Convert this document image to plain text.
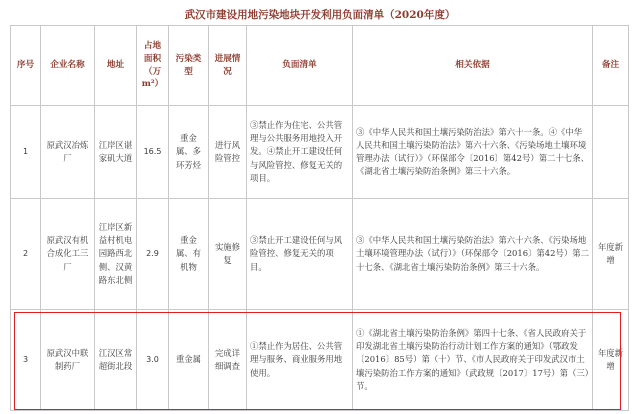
武汉市建设用地污染地块开发利用负面清单（2020年度）
序号	企业名称	地址	占地面积（万m²）	污染类型	进展情况	负面清单	相关依据	备注
1	原武汉冶炼厂	江岸区谌家矶大道	16.5	重金属、多环芳烃	进行风险管控	③禁止作为住宅、公共管理与公共服务用地投入开发。④禁止开工建设任何与风险管控、修复无关的项目。	③《中华人民共和国土壤污染防治法》第六十一条。④《中华人民共和国土壤污染防治法》第六十六条、《污染场地土壤环境管理办法（试行）》（环保部令〔2016〕第42号）第二十七条、《湖北省土壤污染防治条例》第三十六条。	
2	原武汉有机合成化工三厂	江岸区新益村机电园路西北侧、汉黄路东北侧	2.9	重金属、有机物	实施修复	③禁止开工建设任何与风险管控、修复无关的项目。	③《中华人民共和国土壤污染防治法》第六十六条、《污染场地土壤环境管理办法（试行）》（环保部令〔2016〕第42号）第二十七条、《湖北省土壤污染防治条例》第三十六条。	年度新增
3	原武汉中联制药厂	江汉区常超街北段	3.0	重金属	完成详细调查	①禁止作为居住、公共管理与服务、商业服务用地使用。	①《湖北省土壤污染防治条例》第四十七条、《省人民政府关于印发湖北省土壤污染防治行动计划工作方案的通知》（鄂政发〔2016〕85号）第（十）节、《市人民政府关于印发武汉市土壤污染防治工作方案的通知》（武政规〔2017〕17号）第（三）节。	年度新增
